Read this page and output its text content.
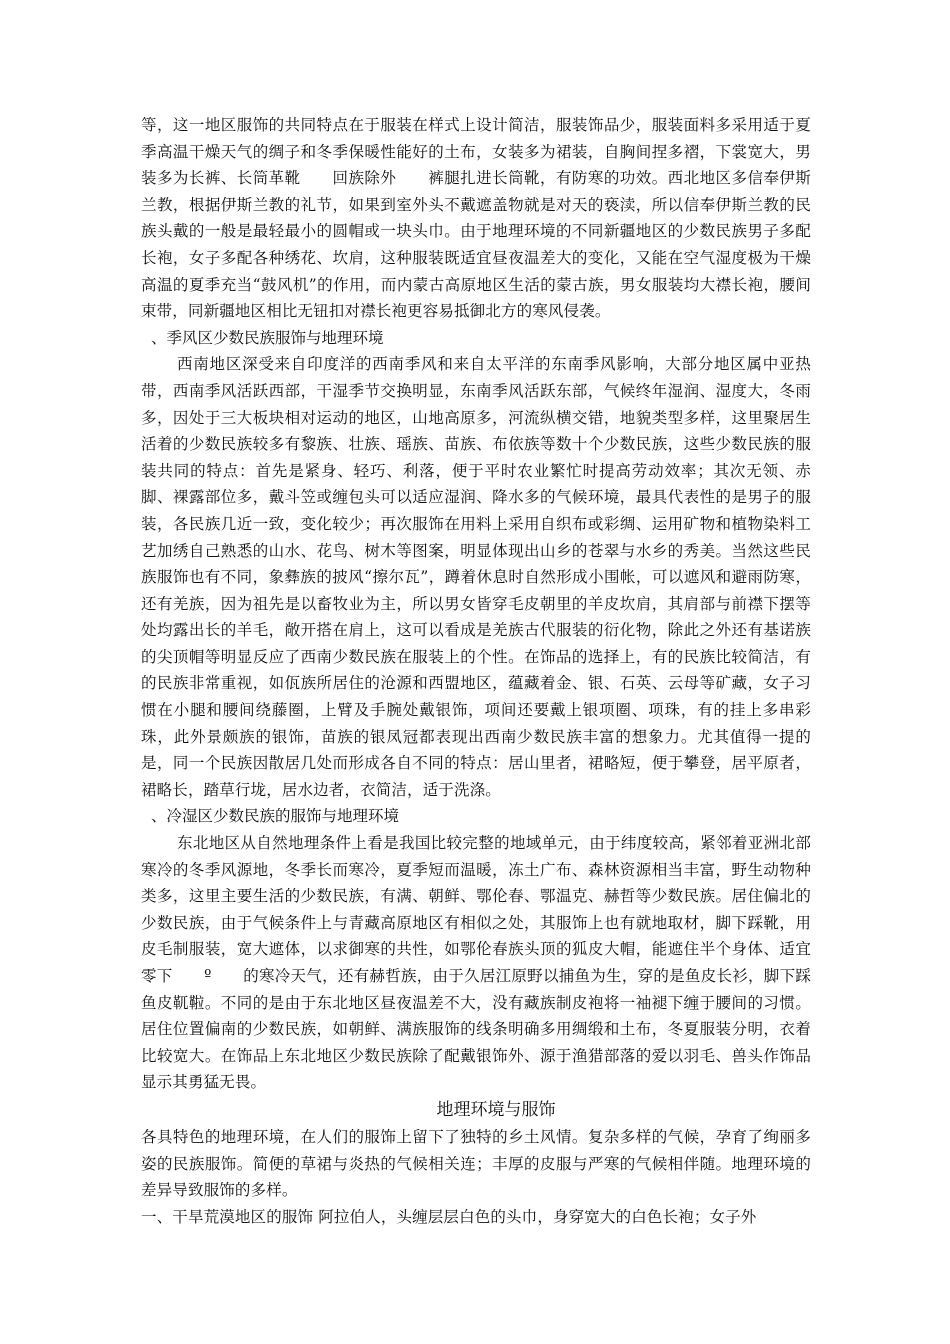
等，这一地区服饰的共同特点在于服装在样式上设计简洁，服装饰品少，服装面料多采用适于夏季高温干燥天气的绸子和冬季保暖性能好的土布，女装多为裙装，自胸间捏多褶，下裳宽大，男装多为长裤、长筒革靴　　回族除外　　裤腿扎进长筒靴，有防寒的功效。西北地区多信奉伊斯兰教，根据伊斯兰教的礼节，如果到室外头不戴遮盖物就是对天的亵渎，所以信奉伊斯兰教的民族头戴的一般是最轻最小的圆帽或一块头巾。由于地理环境的不同新疆地区的少数民族男子多配长袍，女子多配各种绣花、坎肩，这种服装既适宜昼夜温差大的变化，又能在空气湿度极为干燥高温的夏季充当“鼓风机”的作用，而内蒙古高原地区生活的蒙古族，男女服装均大襟长袍，腰间束带，同新疆地区相比无钮扣对襟长袍更容易抵御北方的寒风侵袭。

、季风区少数民族服饰与地理环境

西南地区深受来自印度洋的西南季风和来自太平洋的东南季风影响，大部分地区属中亚热带，西南季风活跃西部，干湿季节交换明显，东南季风活跃东部，气候终年湿润、湿度大，冬雨多，因处于三大板块相对运动的地区，山地高原多，河流纵横交错，地貌类型多样，这里聚居生活着的少数民族较多有黎族、壮族、瑶族、苗族、布依族等数十个少数民族，这些少数民族的服装共同的特点：首先是紧身、轻巧、利落，便于平时农业繁忙时提高劳动效率；其次无领、赤脚、裸露部位多，戴斗笠或缠包头可以适应湿润、降水多的气候环境，最具代表性的是男子的服装，各民族几近一致，变化较少；再次服饰在用料上采用自织布或彩绸、运用矿物和植物染料工艺加绣自己熟悉的山水、花鸟、树木等图案，明显体现出山乡的苍翠与水乡的秀美。当然这些民族服饰也有不同，象彝族的披风“擦尔瓦”，蹲着休息时自然形成小围帐，可以遮风和避雨防寒，还有羌族，因为祖先是以畜牧业为主，所以男女皆穿毛皮朝里的羊皮坎肩，其肩部与前襟下摆等处均露出长的羊毛，敞开搭在肩上，这可以看成是羌族古代服装的衍化物，除此之外还有基诺族的尖顶帽等明显反应了西南少数民族在服装上的个性。在饰品的选择上，有的民族比较简洁，有的民族非常重视，如佤族所居住的沧源和西盟地区，蕴藏着金、银、石英、云母等矿藏，女子习惯在小腿和腰间绕藤圈，上臂及手腕处戴银饰，项间还要戴上银项圈、项珠，有的挂上多串彩珠，此外景颇族的银饰，苗族的银凤冠都表现出西南少数民族丰富的想象力。尤其值得一提的是，同一个民族因散居几处而形成各自不同的特点：居山里者，裙略短，便于攀登，居平原者，裙略长，踏草行垅，居水边者，衣简洁，适于洗涤。

、冷湿区少数民族的服饰与地理环境

东北地区从自然地理条件上看是我国比较完整的地域单元，由于纬度较高，紧邻着亚洲北部寒冷的冬季风源地，冬季长而寒冷，夏季短而温暖，冻土广布、森林资源相当丰富，野生动物种类多，这里主要生活的少数民族，有满、朝鲜、鄂伦春、鄂温克、赫哲等少数民族。居住偏北的少数民族，由于气候条件上与青藏高原地区有相似之处，其服饰上也有就地取材，脚下踩靴，用皮毛制服装，宽大遮体，以求御寒的共性，如鄂伦春族头顶的狐皮大帽，能遮住半个身体、适宜零下　　º　　的寒冷天气，还有赫哲族，由于久居江原野以捕鱼为生，穿的是鱼皮长衫，脚下踩鱼皮靰鞡。不同的是由于东北地区昼夜温差不大，没有藏族制皮袍将一袖褪下缠于腰间的习惯。居住位置偏南的少数民族，如朝鲜、满族服饰的线条明确多用绸缎和土布，冬夏服装分明，衣着比较宽大。在饰品上东北地区少数民族除了配戴银饰外、源于渔猎部落的爱以羽毛、兽头作饰品显示其勇猛无畏。

地理环境与服饰

各具特色的地理环境，在人们的服饰上留下了独特的乡土风情。复杂多样的气候，孕育了绚丽多姿的民族服饰。简便的草裙与炎热的气候相关连；丰厚的皮服与严寒的气候相伴随。地理环境的差异导致服饰的多样。

一、干旱荒漠地区的服饰 阿拉伯人，头缠层层白色的头巾，身穿宽大的白色长袍；女子外
